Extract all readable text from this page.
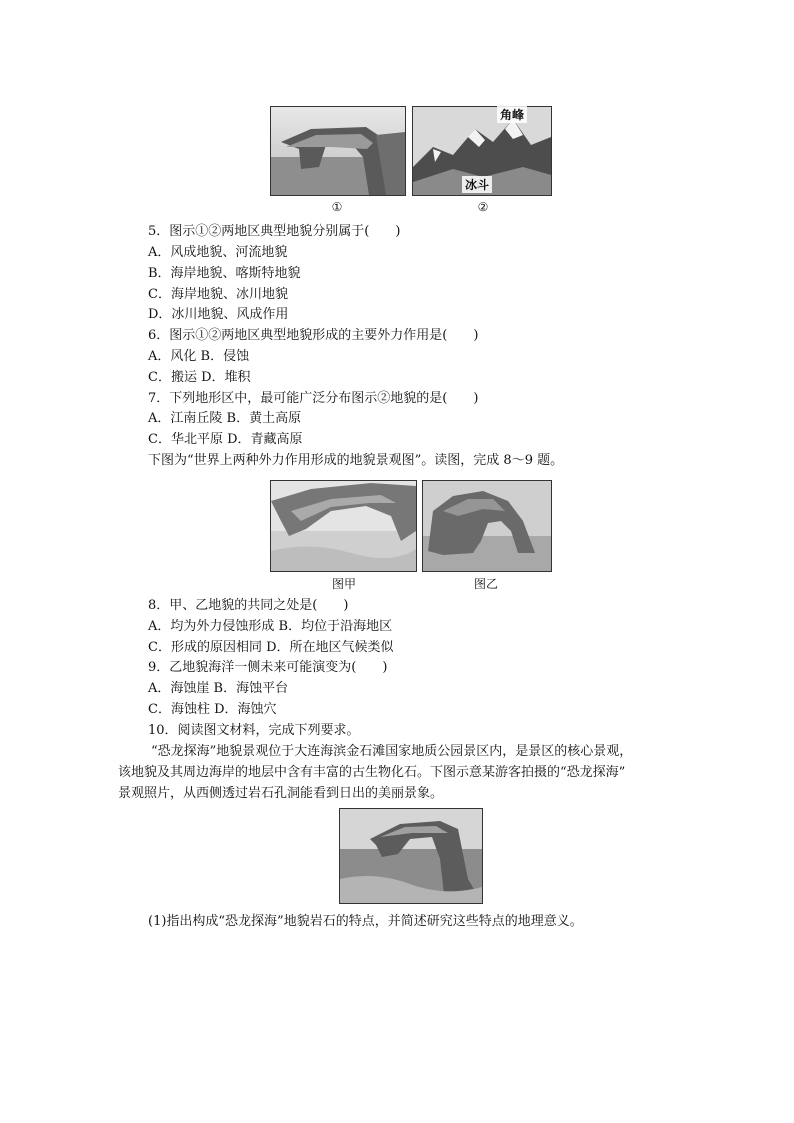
角峰
冰斗
①	②
5．图示①②两地区典型地貌分别属于(　　)
A．风成地貌、河流地貌
B．海岸地貌、喀斯特地貌
C．海岸地貌、冰川地貌
D．冰川地貌、风成作用
6．图示①②两地区典型地貌形成的主要外力作用是(　　)
A．风化 B．侵蚀
C．搬运 D．堆积
7．下列地形区中，最可能广泛分布图示②地貌的是(　　)
A．江南丘陵 B．黄土高原
C．华北平原 D．青藏高原
下图为“世界上两种外力作用形成的地貌景观图”。读图，完成 8～9 题。
图甲	图乙
8．甲、乙地貌的共同之处是(　　)
A．均为外力侵蚀形成 B．均位于沿海地区
C．形成的原因相同 D．所在地区气候类似
9．乙地貌海洋一侧未来可能演变为(　　)
A．海蚀崖 B．海蚀平台
C．海蚀柱 D．海蚀穴
10．阅读图文材料，完成下列要求。
“恐龙探海”地貌景观位于大连海滨金石滩国家地质公园景区内，是景区的核心景观，
该地貌及其周边海岸的地层中含有丰富的古生物化石。下图示意某游客拍摄的“恐龙探海”
景观照片，从西侧透过岩石孔洞能看到日出的美丽景象。
(1)指出构成“恐龙探海”地貌岩石的特点，并简述研究这些特点的地理意义。
